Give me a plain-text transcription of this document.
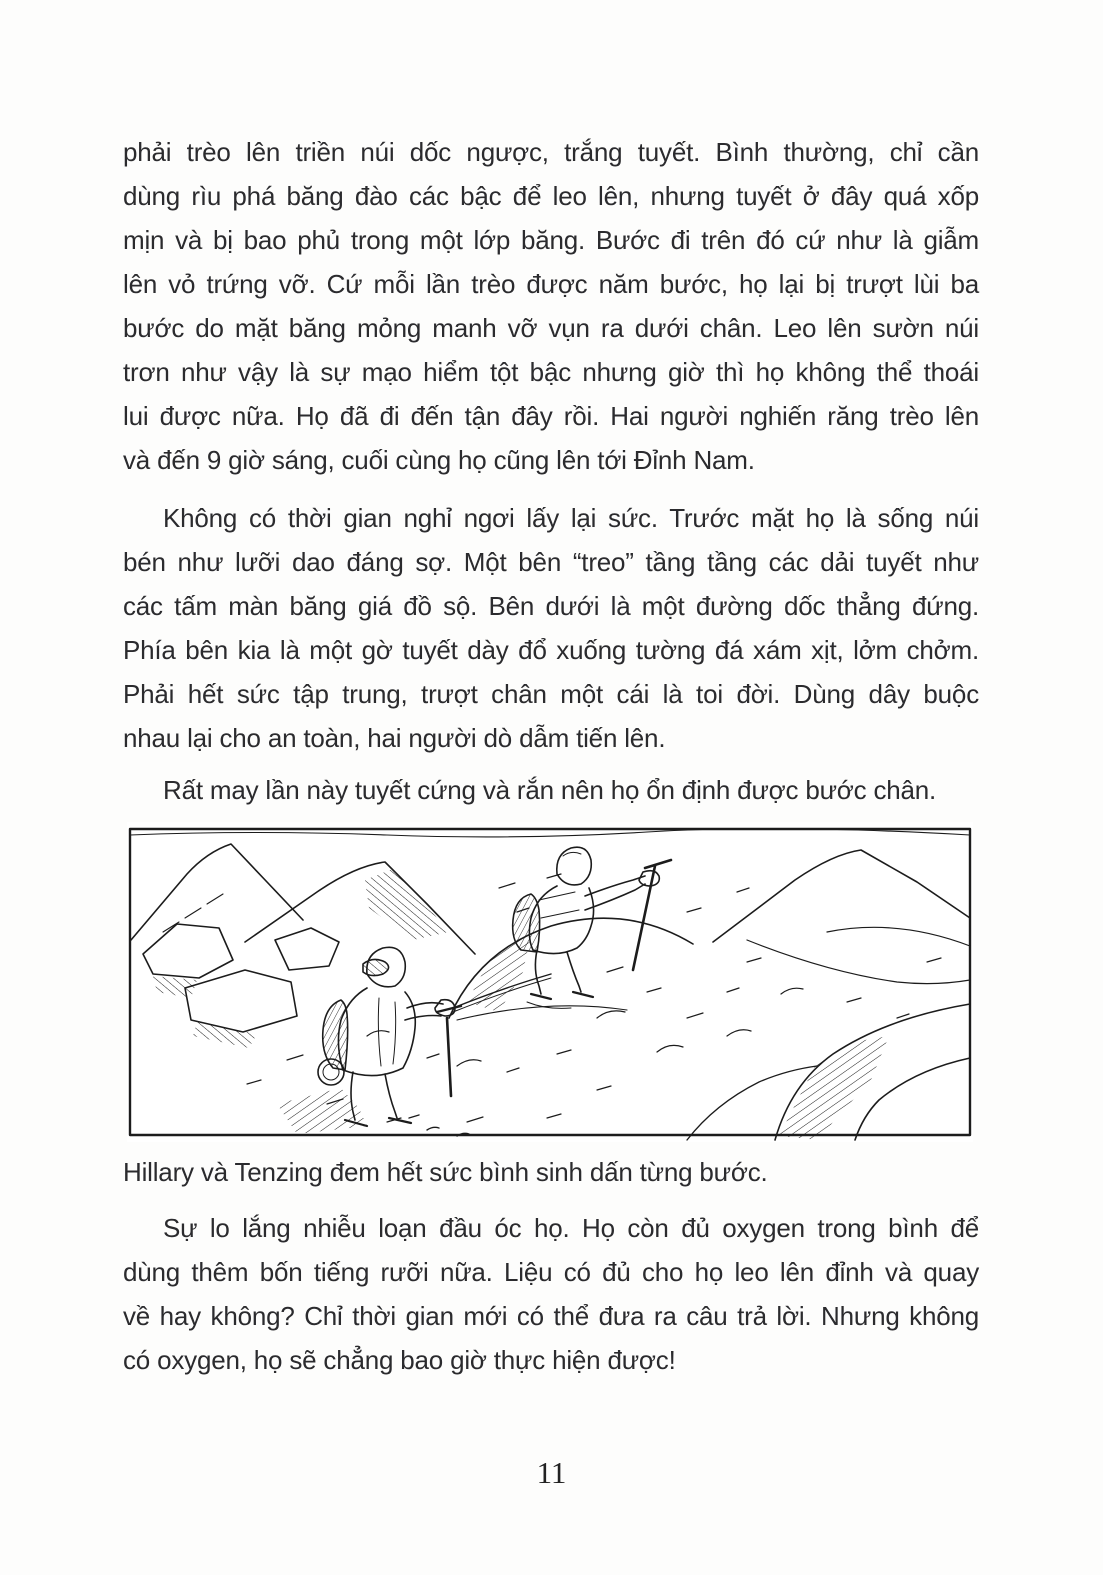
phải trèo lên triền núi dốc ngược, trắng tuyết. Bình thường, chỉ cần
dùng rìu phá băng đào các bậc để leo lên, nhưng tuyết ở đây quá xốp
mịn và bị bao phủ trong một lớp băng. Bước đi trên đó cứ như là giẫm
lên vỏ trứng vỡ. Cứ mỗi lần trèo được năm bước, họ lại bị trượt lùi ba
bước do mặt băng mỏng manh vỡ vụn ra dưới chân. Leo lên sườn núi
trơn như vậy là sự mạo hiểm tột bậc nhưng giờ thì họ không thể thoái
lui được nữa. Họ đã đi đến tận đây rồi. Hai người nghiến răng trèo lên
và đến 9 giờ sáng, cuối cùng họ cũng lên tới Đỉnh Nam.
Không có thời gian nghỉ ngơi lấy lại sức. Trước mặt họ là sống núi
bén như lưỡi dao đáng sợ. Một bên “treo” tầng tầng các dải tuyết như
các tấm màn băng giá đồ sộ. Bên dưới là một đường dốc thẳng đứng.
Phía bên kia là một gờ tuyết dày đổ xuống tường đá xám xịt, lởm chởm.
Phải hết sức tập trung, trượt chân một cái là toi đời. Dùng dây buộc
nhau lại cho an toàn, hai người dò dẫm tiến lên.
Rất may lần này tuyết cứng và rắn nên họ ổn định được bước chân.
Hillary và Tenzing đem hết sức bình sinh dấn từng bước.
Sự lo lắng nhiễu loạn đầu óc họ. Họ còn đủ oxygen trong bình để
dùng thêm bốn tiếng rưỡi nữa. Liệu có đủ cho họ leo lên đỉnh và quay
về hay không? Chỉ thời gian mới có thể đưa ra câu trả lời. Nhưng không
có oxygen, họ sẽ chẳng bao giờ thực hiện được!
11
